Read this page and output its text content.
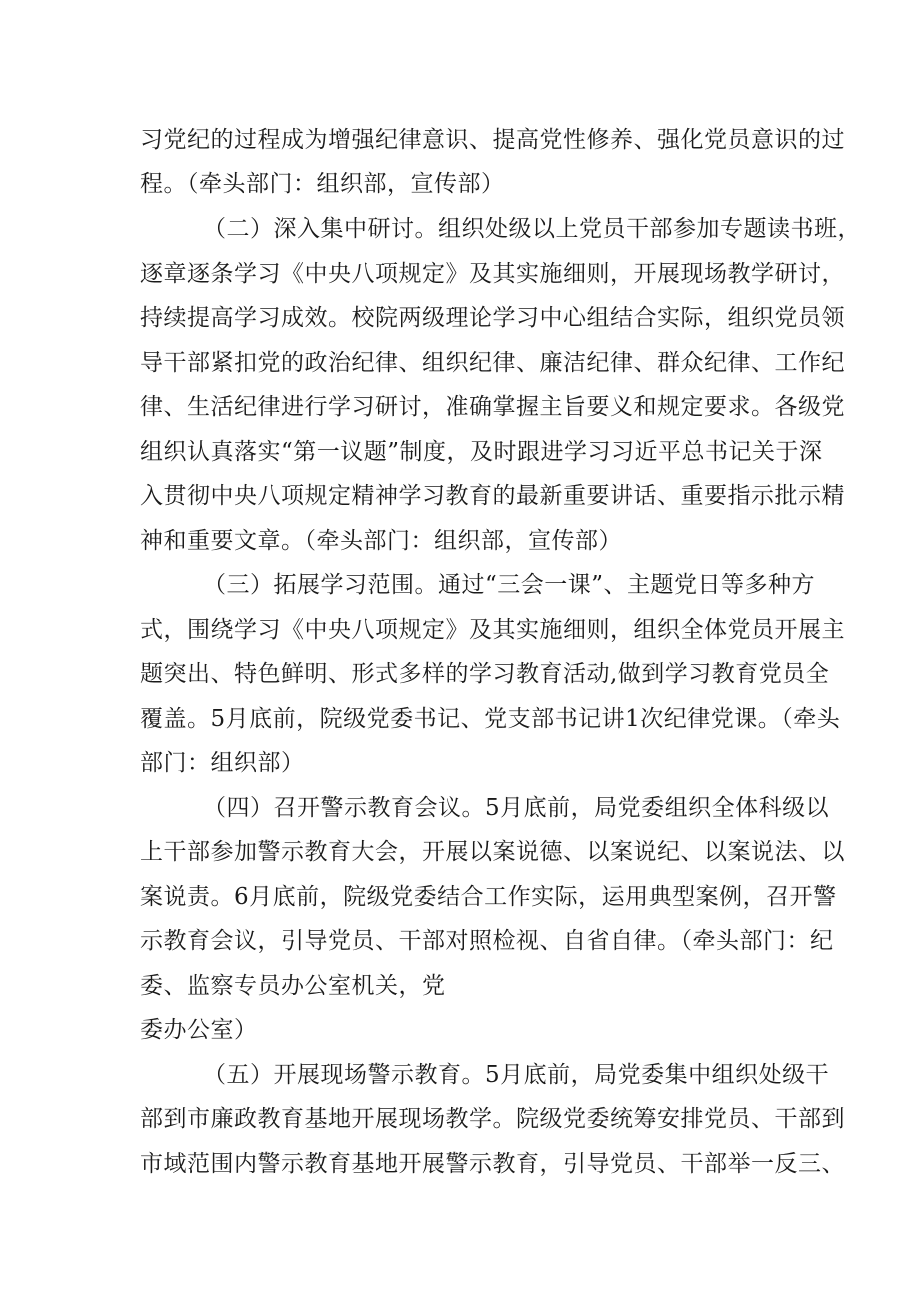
习党纪的过程成为增强纪律意识、提高党性修养、强化党员意识的过
程。（牵头部门：组织部，宣传部）
（二）深入集中研讨。组织处级以上党员干部参加专题读书班，
逐章逐条学习《中央八项规定》及其实施细则，开展现场教学研讨，
持续提高学习成效。校院两级理论学习中心组结合实际，组织党员领
导干部紧扣党的政治纪律、组织纪律、廉洁纪律、群众纪律、工作纪
律、生活纪律进行学习研讨，准确掌握主旨要义和规定要求。各级党
组织认真落实“第一议题”制度，及时跟进学习习近平总书记关于深
入贯彻中央八项规定精神学习教育的最新重要讲话、重要指示批示精
神和重要文章。（牵头部门：组织部，宣传部）
（三）拓展学习范围。通过“三会一课”、主题党日等多种方
式，围绕学习《中央八项规定》及其实施细则，组织全体党员开展主
题突出、特色鲜明、形式多样的学习教育活动,做到学习教育党员全
覆盖。5月底前，院级党委书记、党支部书记讲1次纪律党课。（牵头
部门：组织部）
（四）召开警示教育会议。5月底前，局党委组织全体科级以
上干部参加警示教育大会，开展以案说德、以案说纪、以案说法、以
案说责。6月底前，院级党委结合工作实际，运用典型案例，召开警
示教育会议，引导党员、干部对照检视、自省自律。（牵头部门：纪
委、监察专员办公室机关，党
委办公室）
（五）开展现场警示教育。5月底前，局党委集中组织处级干
部到市廉政教育基地开展现场教学。院级党委统筹安排党员、干部到
市域范围内警示教育基地开展警示教育，引导党员、干部举一反三、
